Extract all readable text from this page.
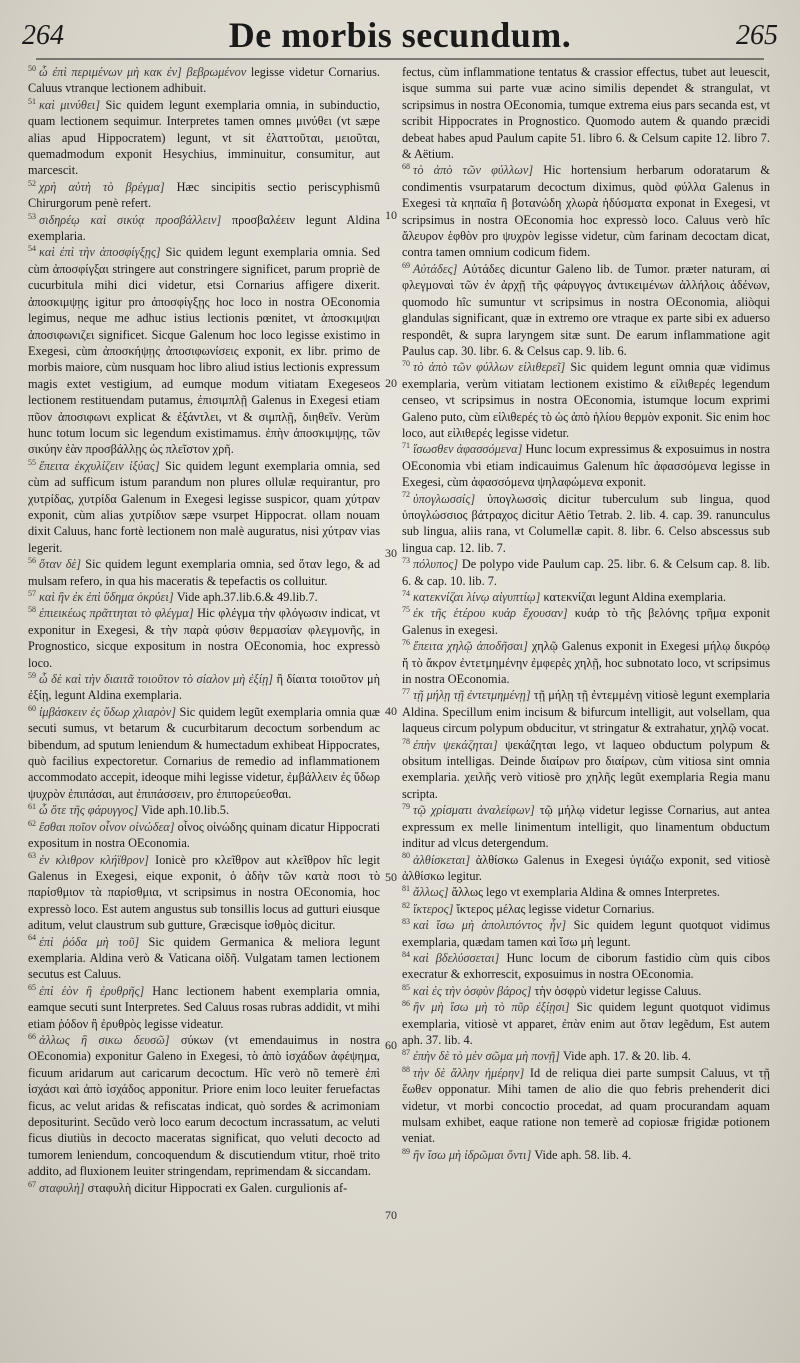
264	De morbis secundum.	265

$^{50}$ ὦ ἐπὶ περιμένων μὴ κακ ἐν] βεβρωμένον legisse videtur Cornarius. Caluus vtranque lectionem adhibuit.

$^{51}$ καὶ μινύθει] Sic quidem legunt exemplaria omnia, in subinductio, quam lectionem sequimur. Interpretes tamen omnes μινύθει (vt sæpe alias apud Hippocratem) legunt, vt sit ἐλαττοῦται, μειοῦται, quemadmodum exponit Hesychius, imminuitur, consumitur, aut marcescit.

$^{52}$ χρὴ αὐτὴ τὸ βρέγμα] Hæc sincipitis sectio periscyphismû Chirurgorum penè refert.

$^{53}$ σιδηρέῳ καὶ σικύᾳ προσβάλλειν] προσβαλέειν legunt Aldina exemplaria.

$^{54}$ καὶ ἐπὶ τὴν ἀποσφίγξῃς] Sic quidem legunt exemplaria omnia. Sed cùm ἀποσφίγξαι stringere aut constringere significet, parum propriè de cucurbitula mihi dici videtur, etsi Cornarius affigere dixerit. ἀποσκιμψῃς igitur pro ἀποσφίγξῃς hoc loco in nostra OEconomia legimus, neque me adhuc istius lectionis pœnitet, vt ἀποσκιμψαι ἀποσιφωνιζει significet. Sicque Galenum hoc loco legisse existimo in Exegesi, cùm ἀποσκήψῃς ἀποσιφωνίσεις exponit, ex libr. primo de morbis maiore, cùm nusquam hoc libro aliud istius lectionis expressum magis extet vestigium, ad eumque modum vitiatam Exegeseos lectionem restituendam putamus, ἐπισιμπλῇ Galenus in Exegesi etiam πῦον ἀποσιφωνι explicat & ἐξάντλει, vt & σιμπλῇ, διηθεῖν. Verùm hunc totum locum sic legendum existimamus. ἐπὴν ἀποσκιμψῃς, τῶν σικύην ἐὰν προσβάλλῃς ὡς πλεῖστον χρῆ.

$^{55}$ ἔπειτα ἐκχυλίζειν ἰξύας] Sic quidem legunt exemplaria omnia, sed cùm ad sufficum istum parandum non plures ollulæ requirantur, pro χυτρίδας, χυτρίδα Galenum in Exegesi legisse suspicor, quam χύτραν exponit, cùm alias χυτρίδιον sæpe vsurpet Hippocrat. ollam nouam dixit Caluus, hanc fortè lectionem non malè auguratus, nisi χύτραν vias legerit.

$^{56}$ ὅταν δὲ] Sic quidem legunt exemplaria omnia, sed ὅταν lego, & ad mulsam refero, in qua his maceratis & tepefactis os colluitur.

$^{57}$ καὶ ἢν ἐκ ἐπὶ ὕδημα ὀκρύει] Vide aph.37.lib.6.& 49.lib.7.

$^{58}$ ἐπιεικέως πρᾶττηται τὸ φλέγμα] Hic φλέγμα τὴν φλόγωσιν indicat, vt exponitur in Exegesi, & τὴν παρὰ φύσιν θερμασίαν φλεγμονῆς, in Prognostico, sicque expositum in nostra OEconomia, hoc expressò loco.

$^{59}$ ὦ δὲ καὶ τὴν διαιτᾶ τοιοῦτον τὸ σίαλον μὴ ἐξίῃ] ἢ δίαιτα τοιοῦτον μὴ ἐξίῃ, legunt Aldina exemplaria.

$^{60}$ ἰμβάσκειν ἐς ὕδωρ χλιαρὸν] Sic quidem legũt exemplaria omnia quæ secuti sumus, vt betarum & cucurbitarum decoctum sorbendum ac bibendum, ad sputum leniendum & humectadum exhibeat Hippocrates, quò facilius expectoretur. Cornarius de remedio ad inflammationem accommodato accepit, ideoque mihi legisse videtur, ἐμβάλλειν ἐς ὕδωρ ψυχρὸν ἐπιπάσαι, aut ἐπιπάσσειν, pro ἐπιπορεύεσθαι.

$^{61}$ ὦ ὅτε τῆς φάρυγγος] Vide aph.10.lib.5.

$^{62}$ ἔσθαι ποῖον οἶνον οἰνώδεα] οἶνος οἰνώδης quinam dicatur Hippocrati expositum in nostra OEconomia.

$^{63}$ ἐν κλιθρον κλήϊθρον] Ionicè pro κλεῖθρον aut κλεῖθρον hîc legit Galenus in Exegesi, eique exponit, ὁ ἀδὴν τῶν κατὰ ποσι τὸ παρίσθμιον τὰ παρίσθμια, vt scripsimus in nostra OEconomia, hoc expressò loco. Est autem angustus sub tonsillis locus ad gutturi eiusque aditum, velut claustrum sub gutture, Græcisque ἰσθμὸς dicitur.

$^{64}$ ἐπὶ ῥόδα μὴ τοῦ] Sic quidem Germanica & meliora legunt exemplaria. Aldina verò & Vaticana οἰδῆ. Vulgatam tamen lectionem secutus est Caluus.

$^{65}$ ἐπὶ ἑὸν ἢ ἐρυθρῆς] Hanc lectionem habent exemplaria omnia, eamque secuti sunt Interpretes. Sed Caluus rosas rubras addidit, vt mihi etiam ῥόδον ἢ ἐρυθρὸς legisse videatur.

$^{66}$ ἀλλως ἢ σικω δευσῶ] σύκων (vt emendauimus in nostra OEconomia) exponitur Galeno in Exegesi, τὸ ἀπὸ ἰσχάδων ἀφέψημα, ficuum aridarum aut caricarum decoctum. Hîc verò nõ temerè ἐπὶ ἰσχάσι καὶ ἀπὸ ἰσχάδος apponitur. Priore enim loco leuiter feruefactas ficus, ac velut aridas & refiscatas indicat, quò sordes & acrimoniam depositurint. Secũdo verò loco earum decoctum incrassatum, ac veluti ficus diutiùs in decocto maceratas significat, quo veluti decocto ad tumorem leniendum, concoquendum & discutiendum vtitur, rhoë trito addito, ad fluxionem leuiter stringendam, reprimendam & siccandam.

$^{67}$ σταφυλὴ] σταφυλὴ dicitur Hippocrati ex Galen. curgulionis af-

fectus, cùm inflammatione tentatus & crassior effectus, tubet aut leuescit, isque summa sui parte vuæ acino similis dependet & strangulat, vt scripsimus in nostra OEconomia, tumque extrema eius pars secanda est, vt scribit Hippocrates in Prognostico. Quomodo autem & quando præcidi debeat habes apud Paulum capite 51. libro 6. & Celsum capite 12. libro 7. & Aëtium.

$^{68}$ τὸ ἀπὸ τῶν φύλλων] Hic hortensium herbarum odoratarum & condimentis vsurpatarum decoctum diximus, quòd φύλλα Galenus in Exegesi τὰ κηπαῖα ἢ βοτανώδη χλωρὰ ἡδύσματα exponat in Exegesi, vt scripsimus in nostra OEconomia hoc expressò loco. Caluus verò hîc ἄλευρον ἑφθὸν pro ψυχρὸν legisse videtur, cùm farinam decoctam dicat, contra tamen omnium codicum fidem.

$^{69}$ Αὐτάδες] Αὐτάδες dicuntur Galeno lib. de Tumor. præter naturam, αἱ φλεγμοναὶ τῶν ἐν ἀρχῇ τῆς φάρυγγος ἀντικειμένων ἀλλήλοις ἀδένων, quomodo hîc sumuntur vt scripsimus in nostra OEconomia, aliòqui glandulas significant, quæ in extremo ore vtraque ex parte sibi ex aduerso respondêt, & supra laryngem sitæ sunt. De earum inflammatione agit Paulus cap. 30. libr. 6. & Celsus cap. 9. lib. 6.

$^{70}$ τὸ ἀπὸ τῶν φύλλων εἰλιθερεῖ] Sic quidem legunt omnia quæ vidimus exemplaria, verùm vitiatam lectionem existimo & εἰλιθερές legendum censeo, vt scripsimus in nostra OEconomia, istumque locum exprimi Galeno puto, cùm εἰλιθερές τὸ ὡς ἀπὸ ἡλίου θερμὸν exponit. Sic enim hoc loco, aut εἰλιθερές legisse videtur.

$^{71}$ ἴσωσθεν ἀφασσόμενα] Hunc locum expressimus & exposuimus in nostra OEconomia vbi etiam indicauimus Galenum hîc ἀφασσόμενα legisse in Exegesi, cùm ἀφασσόμενα ψηλαφώμενα exponit.

$^{72}$ ὑπογλωσσίς] ὑπογλωσσὶς dicitur tuberculum sub lingua, quod ὑπογλώσσιος βάτραχος dicitur Aëtio Tetrab. 2. lib. 4. cap. 39. ranunculus sub lingua, aliis rana, vt Columellæ capit. 8. libr. 6. Celso abscessus sub lingua cap. 12. lib. 7.

$^{73}$ πόλυπος] De polypo vide Paulum cap. 25. libr. 6. & Celsum cap. 8. lib. 6. & cap. 10. lib. 7.

$^{74}$ κατεκνίζαι λίνῳ αἰγυπτίῳ] κατεκνίζαι legunt Aldina exemplaria.

$^{75}$ ἐκ τῆς ἑτέρου κυάρ ἔχουσαν] κυάρ τὸ τῆς βελόνης τρῆμα exponit Galenus in exegesi.

$^{76}$ ἔπειτα χηλῷ ἀποδῆσαι] χηλῷ Galenus exponit in Exegesi μήλῳ δικρόῳ ἤ τὸ ἄκρον ἐντετμημένην ἐμφερὲς χηλῇ, hoc subnotato loco, vt scripsimus in nostra OEconomia.

$^{77}$ τῇ μήλῃ τῇ ἐντετμημένῃ] τῇ μήλῃ τῇ ἐντεμμένῃ vitiosè legunt exemplaria Aldina. Specillum enim incisum & bifurcum intelligit, aut volsellam, qua laqueus circum polypum obducitur, vt stringatur & extrahatur, χηλῷ vocat.

$^{78}$ ἐπὴν ψεκάζηται] ψεκάζηται lego, vt laqueo obductum polypum & obsitum intelligas. Deinde διαίρων pro διαίρων, cùm vitiosa sint omnia exemplaria. χειλῆς verò vitiosè pro χηλῆς legũt exemplaria Regia manu scripta.

$^{79}$ τῷ χρίσματι ἀναλείφων] τῷ μήλῳ videtur legisse Cornarius, aut antea expressum ex melle linimentum intelligit, quo linamentum obductum inditur ad vlcus detergendum.

$^{80}$ ἀλθίσκεται] ἀλθίσκω Galenus in Exegesi ὑγιάζω exponit, sed vitiosè ἀλθίσκω legitur.

$^{81}$ ἄλλως] ἄλλως lego vt exemplaria Aldina & omnes Interpretes.

$^{82}$ ἴκτερος] ἴκτερος μέλας legisse videtur Cornarius.

$^{83}$ καὶ ἴσω μὴ ἀπολιπόντος ἦν] Sic quidem legunt quotquot vidimus exemplaria, quædam tamen καὶ ἴσω μὴ legunt.

$^{84}$ καὶ βδελύσσεται] Hunc locum de ciborum fastidio cùm quis cibos execratur & exhorrescit, exposuimus in nostra OEconomia.

$^{85}$ καὶ ἐς τὴν ὀσφὺν βάρος] τὴν ὀσφρὺ videtur legisse Caluus.

$^{86}$ ἢν μὴ ἴσω μὴ τὸ πῦρ ἐξίῃσι] Sic quidem legunt quotquot vidimus exemplaria, vitiosè vt apparet, ἐπὰν enim aut ὅταν legẽdum, Est autem aph. 37. lib. 4.

$^{87}$ ἐπὴν δὲ τὸ μὲν σῶμα μὴ πονῇ] Vide aph. 17. & 20. lib. 4.

$^{88}$ τὴν δὲ ἄλλην ἡμέρην] Id de reliqua diei parte sumpsit Caluus, vt τῇ ἕωθεν opponatur. Mihi tamen de alio die quo febris prehenderit dici videtur, vt morbi concoctio procedat, ad quam procurandam aquam mulsam exhibet, eaque ratione non temerè ad copiosæ frigidæ potionem veniat.

$^{89}$ ἢν ἴσω μὴ ἰδρῶμαι ὄντι] Vide aph. 58. lib. 4.

10
20
30
40
50
60
70
